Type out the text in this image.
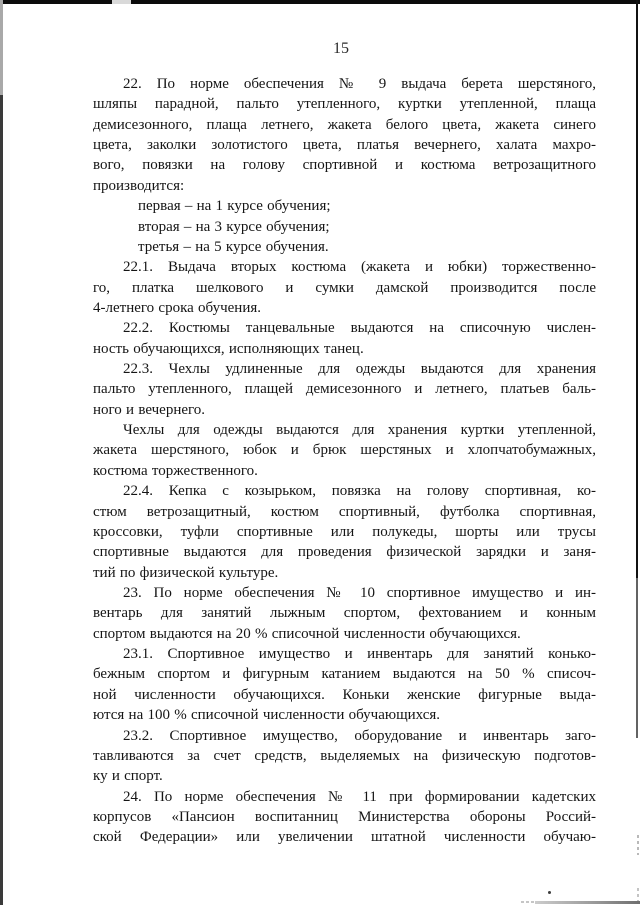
15
22. По норме обеспечения № 9 выдача берета шерстяного,
шляпы парадной, пальто утепленного, куртки утепленной, плаща
демисезонного, плаща летнего, жакета белого цвета, жакета синего
цвета, заколки золотистого цвета, платья вечернего, халата махро-
вого, повязки на голову спортивной и костюма ветрозащитного
производится:
первая – на 1 курсе обучения;
вторая – на 3 курсе обучения;
третья – на 5 курсе обучения.
22.1. Выдача вторых костюма (жакета и юбки) торжественно-
го, платка шелкового и сумки дамской производится после
4-летнего срока обучения.
22.2. Костюмы танцевальные выдаются на списочную числен-
ность обучающихся, исполняющих танец.
22.3. Чехлы удлиненные для одежды выдаются для хранения
пальто утепленного, плащей демисезонного и летнего, платьев баль-
ного и вечернего.
Чехлы для одежды выдаются для хранения куртки утепленной,
жакета шерстяного, юбок и брюк шерстяных и хлопчатобумажных,
костюма торжественного.
22.4. Кепка с козырьком, повязка на голову спортивная, ко-
стюм ветрозащитный, костюм спортивный, футболка спортивная,
кроссовки, туфли спортивные или полукеды, шорты или трусы
спортивные выдаются для проведения физической зарядки и заня-
тий по физической культуре.
23. По норме обеспечения № 10 спортивное имущество и ин-
вентарь для занятий лыжным спортом, фехтованием и конным
спортом выдаются на 20 % списочной численности обучающихся.
23.1. Спортивное имущество и инвентарь для занятий конько-
бежным спортом и фигурным катанием выдаются на 50 % списоч-
ной численности обучающихся. Коньки женские фигурные выда-
ются на 100 % списочной численности обучающихся.
23.2. Спортивное имущество, оборудование и инвентарь заго-
тавливаются за счет средств, выделяемых на физическую подготов-
ку и спорт.
24. По норме обеспечения № 11 при формировании кадетских
корпусов «Пансион воспитанниц Министерства обороны Россий-
ской Федерации» или увеличении штатной численности обучаю-
